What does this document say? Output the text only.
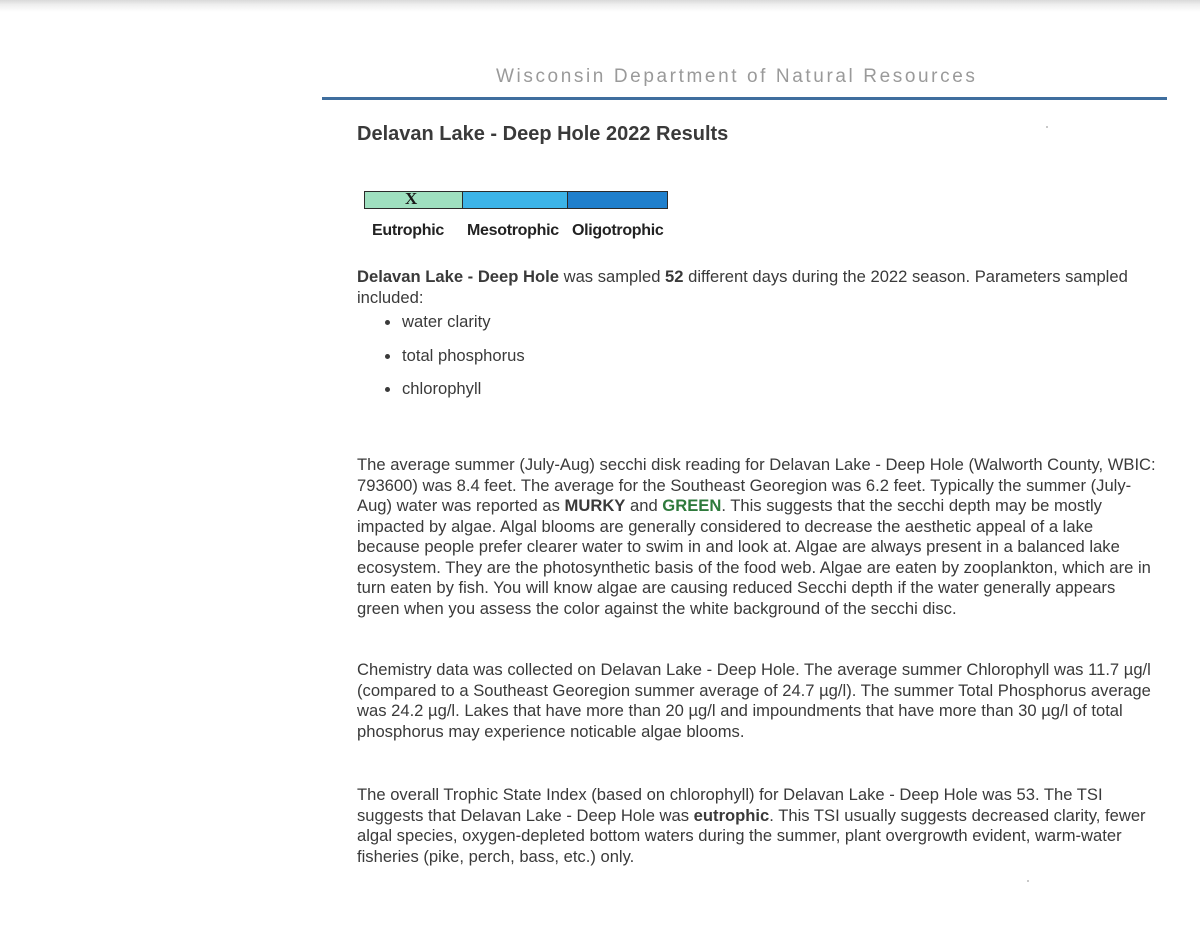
Wisconsin Department of Natural Resources
Delavan Lake - Deep Hole 2022 Results
X
Eutrophic Mesotrophic Oligotrophic

Delavan Lake - Deep Hole was sampled 52 different days during the 2022 season. Parameters sampled included:

water clarity
total phosphorus
chlorophyll

The average summer (July-Aug) secchi disk reading for Delavan Lake - Deep Hole (Walworth County, WBIC: 793600) was 8.4 feet. The average for the Southeast Georegion was 6.2 feet. Typically the summer (July-Aug) water was reported as MURKY and GREEN. This suggests that the secchi depth may be mostly impacted by algae. Algal blooms are generally considered to decrease the aesthetic appeal of a lake because people prefer clearer water to swim in and look at. Algae are always present in a balanced lake ecosystem. They are the photosynthetic basis of the food web. Algae are eaten by zooplankton, which are in turn eaten by fish. You will know algae are causing reduced Secchi depth if the water generally appears green when you assess the color against the white background of the secchi disc.

Chemistry data was collected on Delavan Lake - Deep Hole. The average summer Chlorophyll was 11.7 µg/l (compared to a Southeast Georegion summer average of 24.7 µg/l). The summer Total Phosphorus average was 24.2 µg/l. Lakes that have more than 20 µg/l and impoundments that have more than 30 µg/l of total phosphorus may experience noticable algae blooms.

The overall Trophic State Index (based on chlorophyll) for Delavan Lake - Deep Hole was 53. The TSI suggests that Delavan Lake - Deep Hole was eutrophic. This TSI usually suggests decreased clarity, fewer algal species, oxygen-depleted bottom waters during the summer, plant overgrowth evident, warm-water fisheries (pike, perch, bass, etc.) only.
